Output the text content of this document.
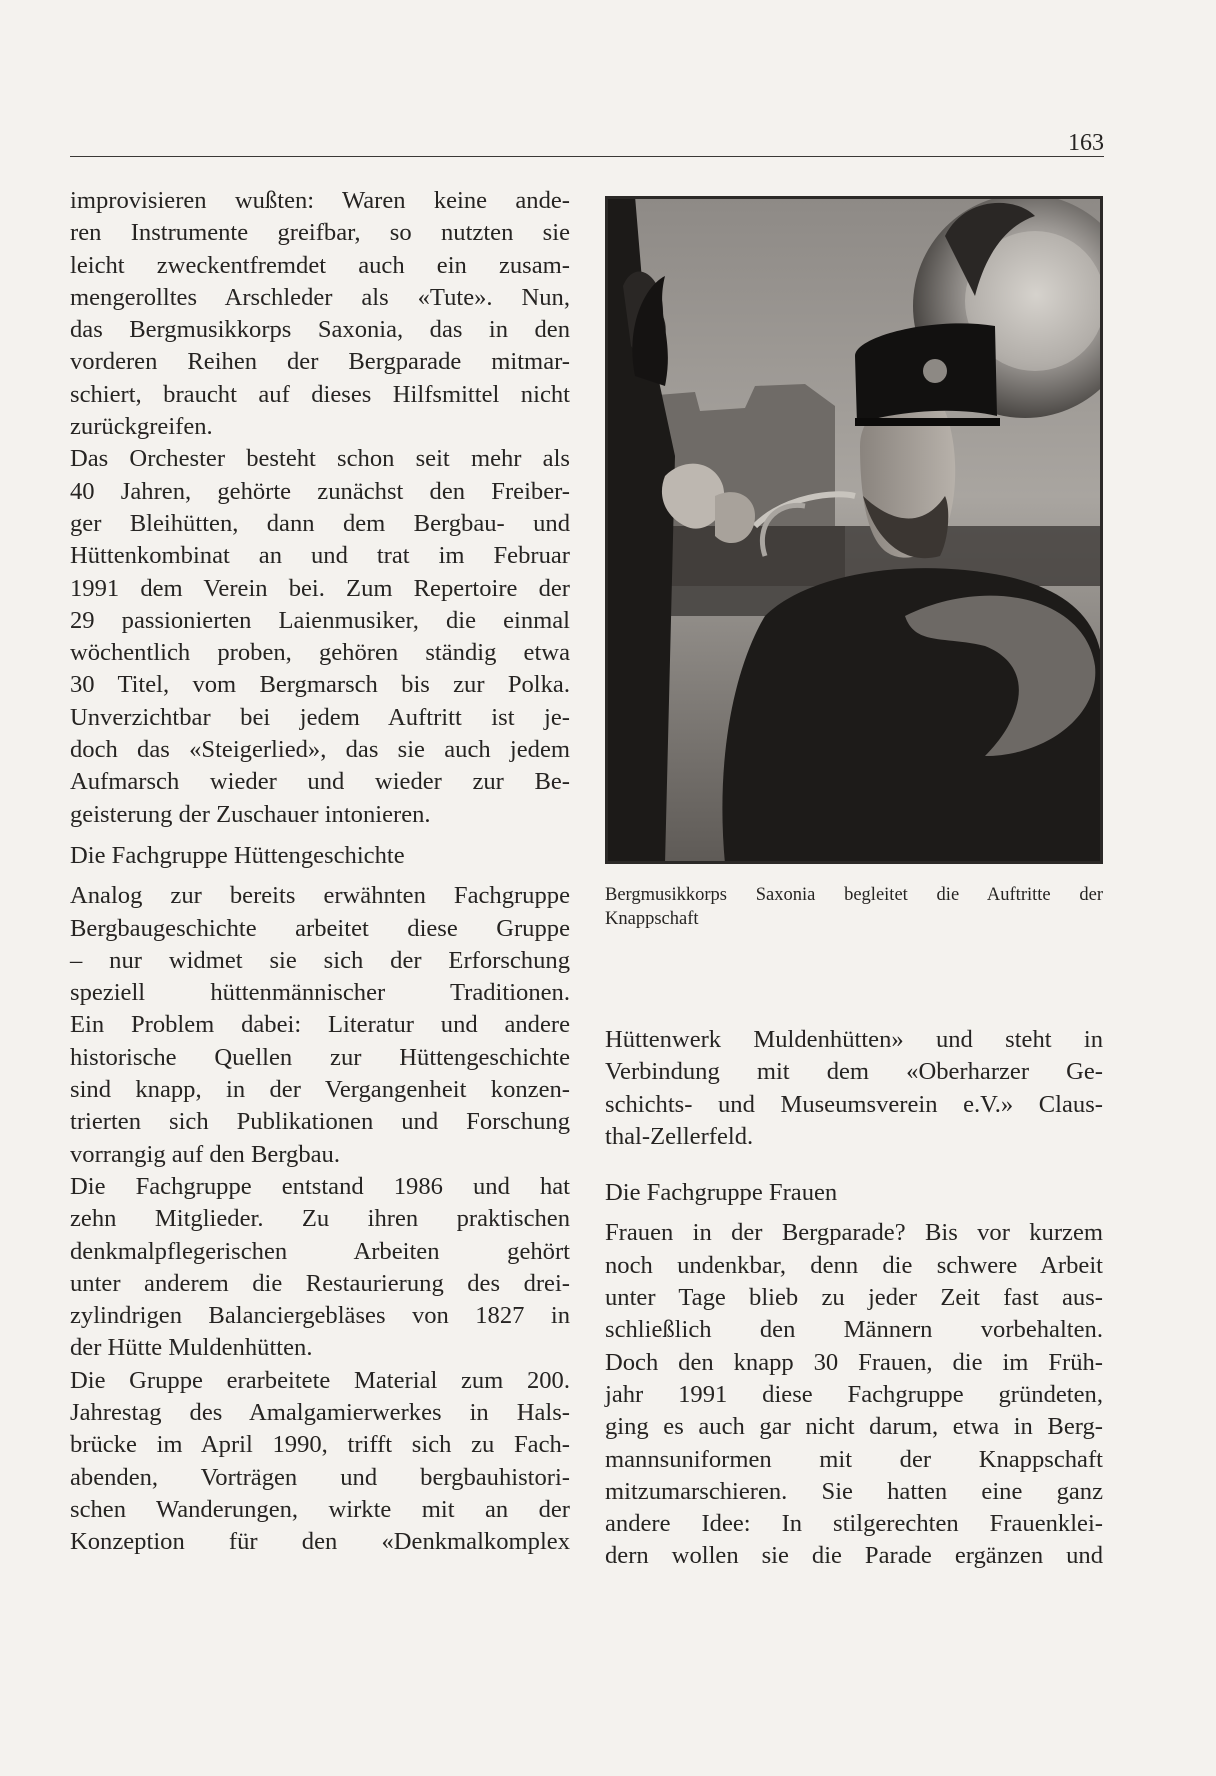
163

improvisieren wußten: Waren keine ande-
ren Instrumente greifbar, so nutzten sie
leicht zweckentfremdet auch ein zusam-
mengerolltes Arschleder als «Tute». Nun,
das Bergmusikkorps Saxonia, das in den
vorderen Reihen der Bergparade mitmar-
schiert, braucht auf dieses Hilfsmittel nicht
zurückgreifen.

Das Orchester besteht schon seit mehr als
40 Jahren, gehörte zunächst den Freiber-
ger Bleihütten, dann dem Bergbau- und
Hüttenkombinat an und trat im Februar
1991 dem Verein bei. Zum Repertoire der
29 passionierten Laienmusiker, die einmal
wöchentlich proben, gehören ständig etwa
30 Titel, vom Bergmarsch bis zur Polka.
Unverzichtbar bei jedem Auftritt ist je-
doch das «Steigerlied», das sie auch jedem
Aufmarsch wieder und wieder zur Be-
geisterung der Zuschauer intonieren.

Die Fachgruppe Hüttengeschichte

Analog zur bereits erwähnten Fachgruppe
Bergbaugeschichte arbeitet diese Gruppe
– nur widmet sie sich der Erforschung
speziell hüttenmännischer Traditionen.
Ein Problem dabei: Literatur und andere
historische Quellen zur Hüttengeschichte
sind knapp, in der Vergangenheit konzen-
trierten sich Publikationen und Forschung
vorrangig auf den Bergbau.

Die Fachgruppe entstand 1986 und hat
zehn Mitglieder. Zu ihren praktischen
denkmalpflegerischen Arbeiten gehört
unter anderem die Restaurierung des drei-
zylindrigen Balanciergebläses von 1827 in
der Hütte Muldenhütten.

Die Gruppe erarbeitete Material zum 200.
Jahrestag des Amalgamierwerkes in Hals-
brücke im April 1990, trifft sich zu Fach-
abenden, Vorträgen und bergbauhistori-
schen Wanderungen, wirkte mit an der
Konzeption für den «Denkmalkomplex

Bergmusikkorps Saxonia begleitet die Auftritte der
Knappschaft

Hüttenwerk Muldenhütten» und steht in
Verbindung mit dem «Oberharzer Ge-
schichts- und Museumsverein e.V.» Claus-
thal-Zellerfeld.

Die Fachgruppe Frauen

Frauen in der Bergparade? Bis vor kurzem
noch undenkbar, denn die schwere Arbeit
unter Tage blieb zu jeder Zeit fast aus-
schließlich den Männern vorbehalten.
Doch den knapp 30 Frauen, die im Früh-
jahr 1991 diese Fachgruppe gründeten,
ging es auch gar nicht darum, etwa in Berg-
mannsuniformen mit der Knappschaft
mitzumarschieren. Sie hatten eine ganz
andere Idee: In stilgerechten Frauenklei-
dern wollen sie die Parade ergänzen und
